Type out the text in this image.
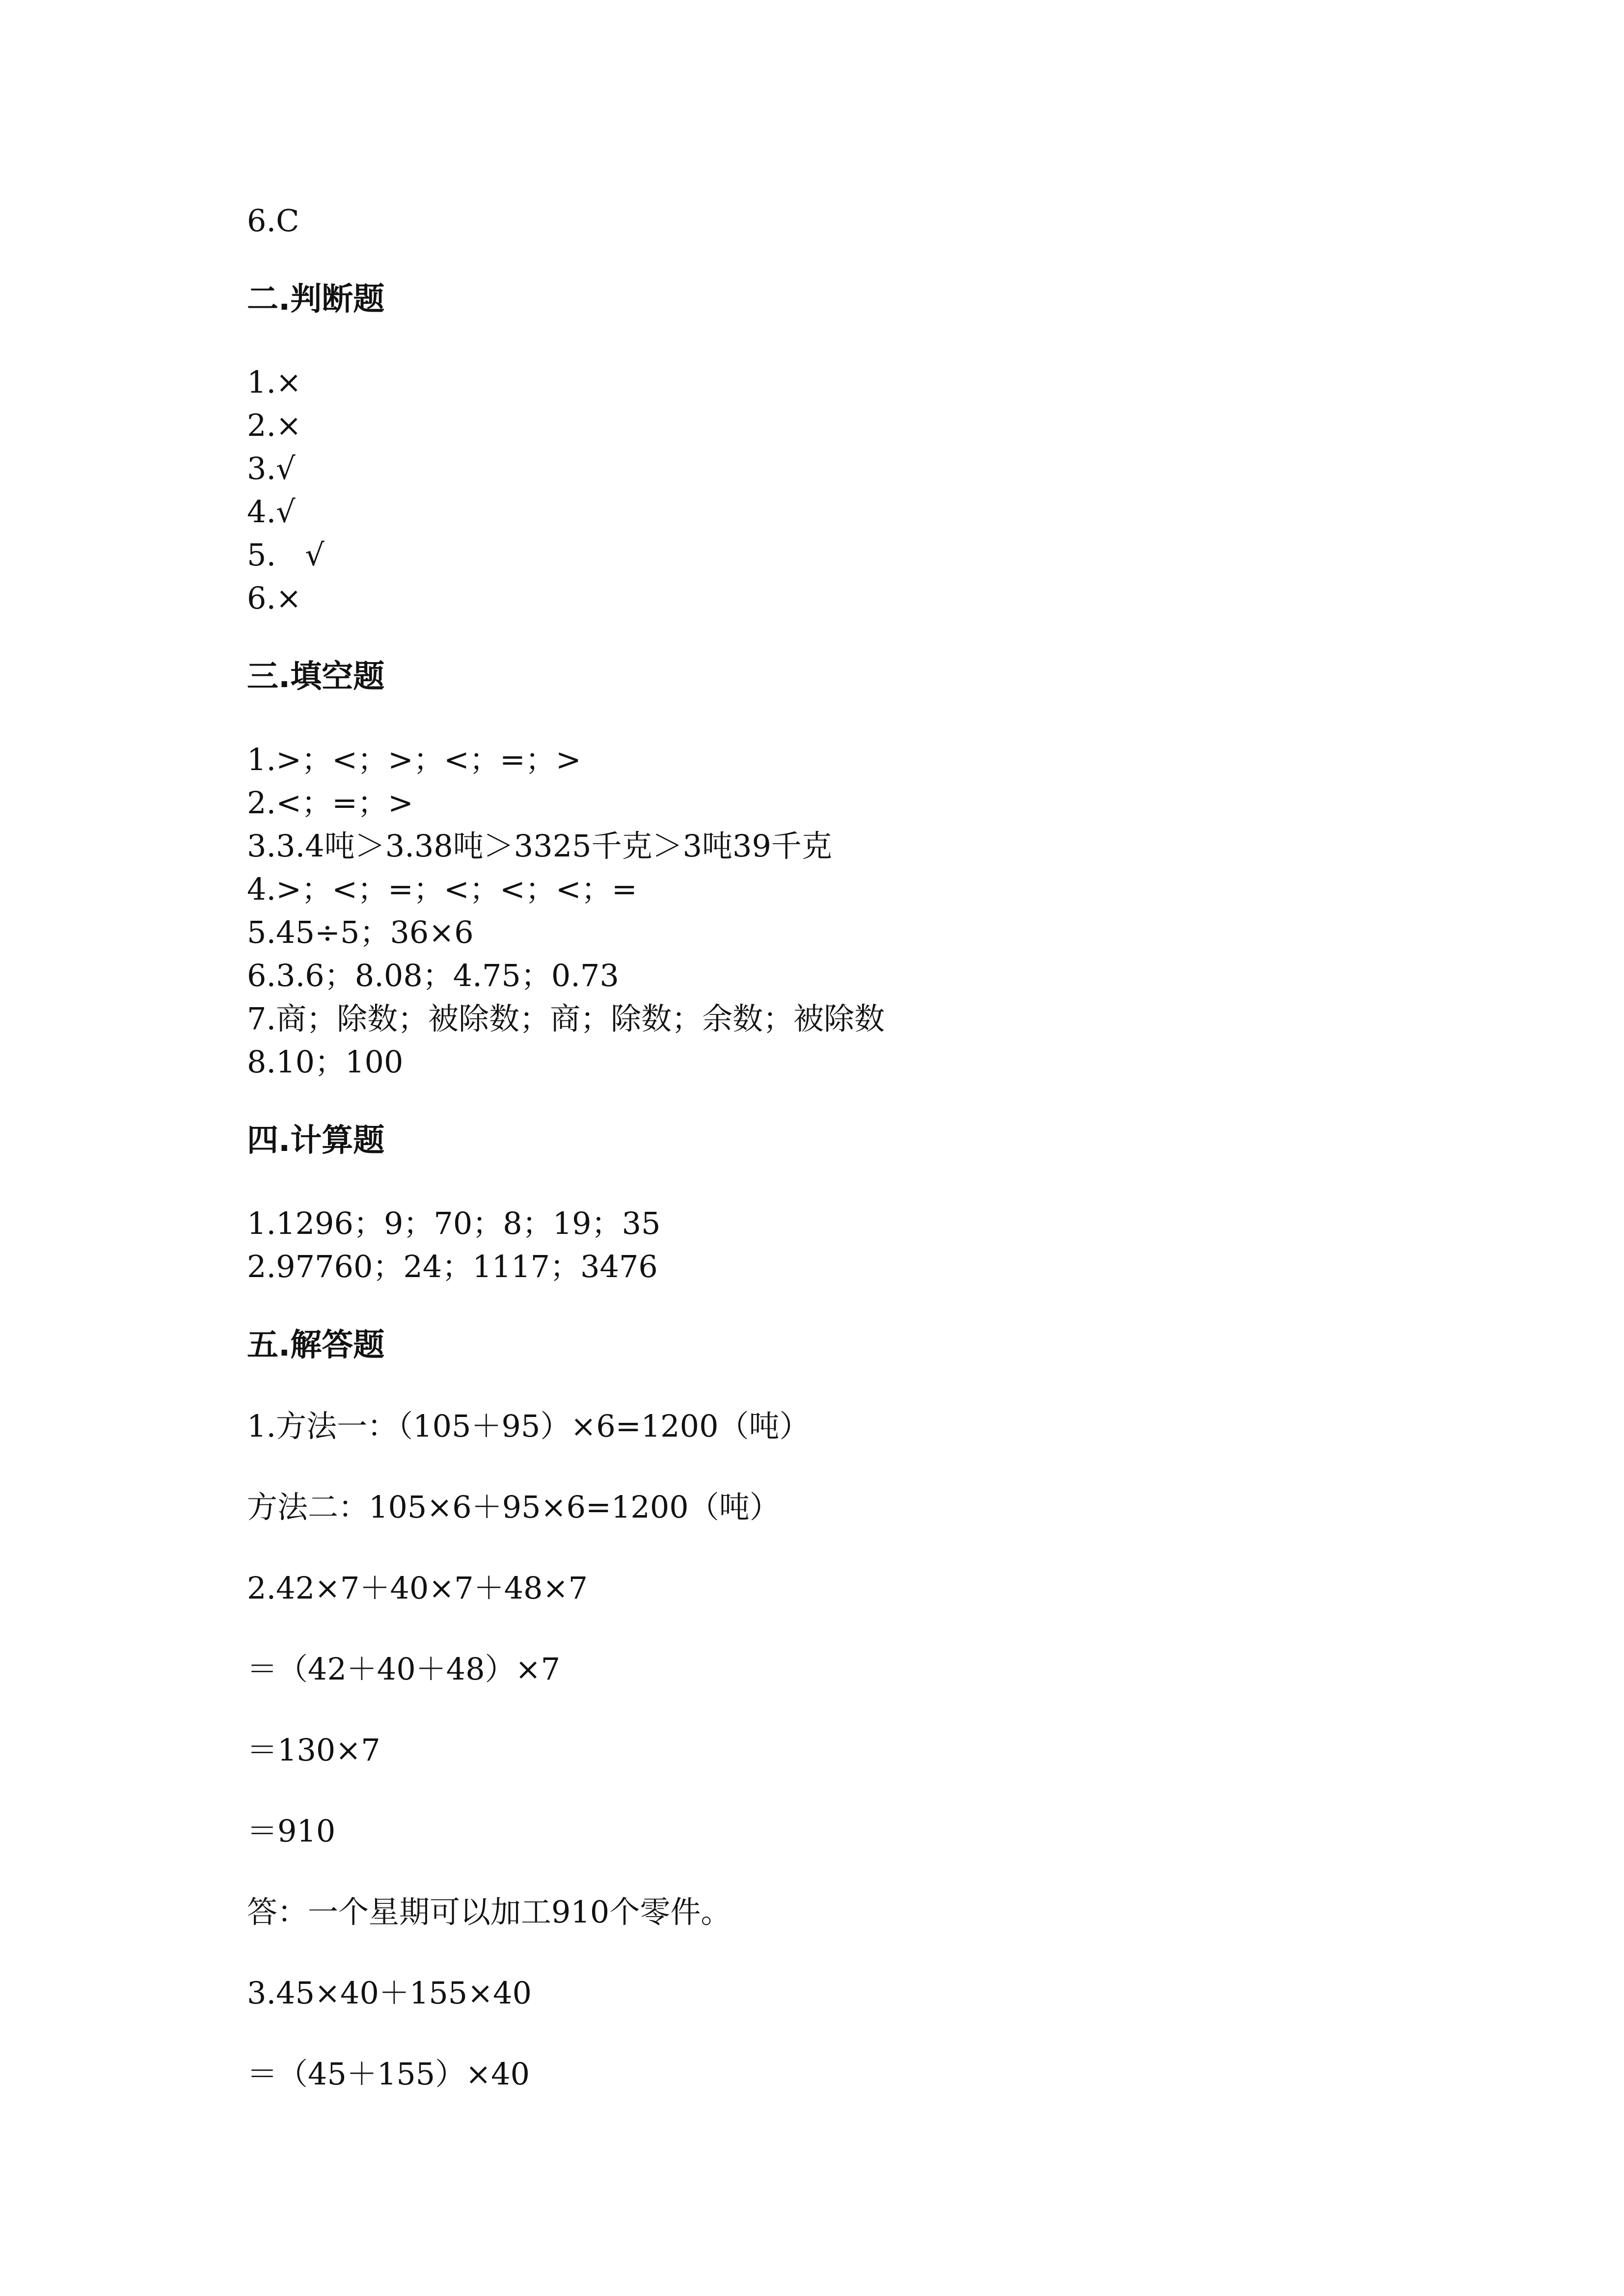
6.C

二.判断题

1.×

2.×

3.√

4.√

5.   √

6.×

三.填空题

1.>；<；>；<；=；>

2.<；=；>

3.3.4吨＞3.38吨＞3325千克＞3吨39千克

4.>；<；=；<；<；<；=

5.45÷5；36×6

6.3.6；8.08；4.75；0.73

7.商；除数；被除数；商；除数；余数；被除数

8.10；100

四.计算题

1.1296；9；70；8；19；35

2.97760；24；1117；3476

五.解答题

1.方法一：（105＋95）×6=1200（吨）

方法二：105×6＋95×6=1200（吨）

2.42×7＋40×7＋48×7

＝（42＋40＋48）×7

＝130×7

＝910

答：一个星期可以加工910个零件。

3.45×40＋155×40

＝（45＋155）×40
